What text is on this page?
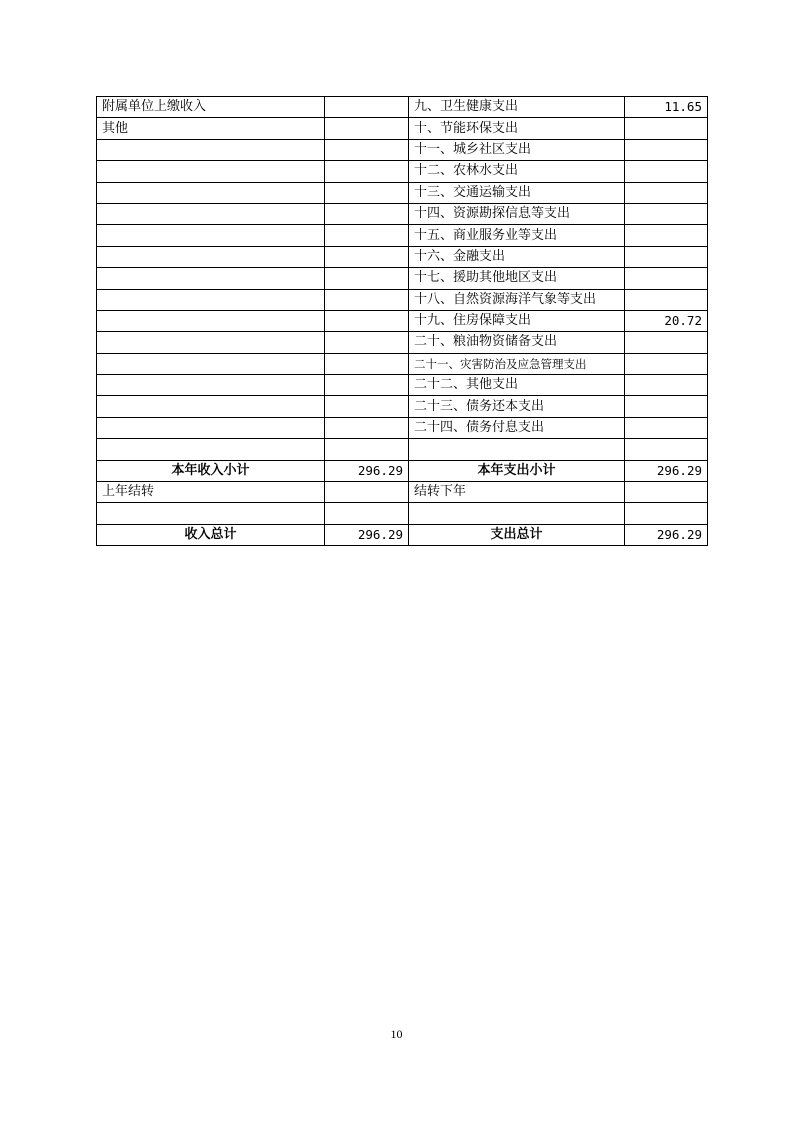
附属单位上缴收入		九、卫生健康支出	11.65
其他		十、节能环保支出	
		十一、城乡社区支出	
		十二、农林水支出	
		十三、交通运输支出	
		十四、资源勘探信息等支出	
		十五、商业服务业等支出	
		十六、金融支出	
		十七、援助其他地区支出	
		十八、自然资源海洋气象等支出	
		十九、住房保障支出	20.72
		二十、粮油物资储备支出	
		二十一、灾害防治及应急管理支出	
		二十二、其他支出	
		二十三、债务还本支出	
		二十四、债务付息支出	

本年收入小计	296.29	本年支出小计	296.29
上年结转		结转下年	

收入总计	296.29	支出总计	296.29
10
